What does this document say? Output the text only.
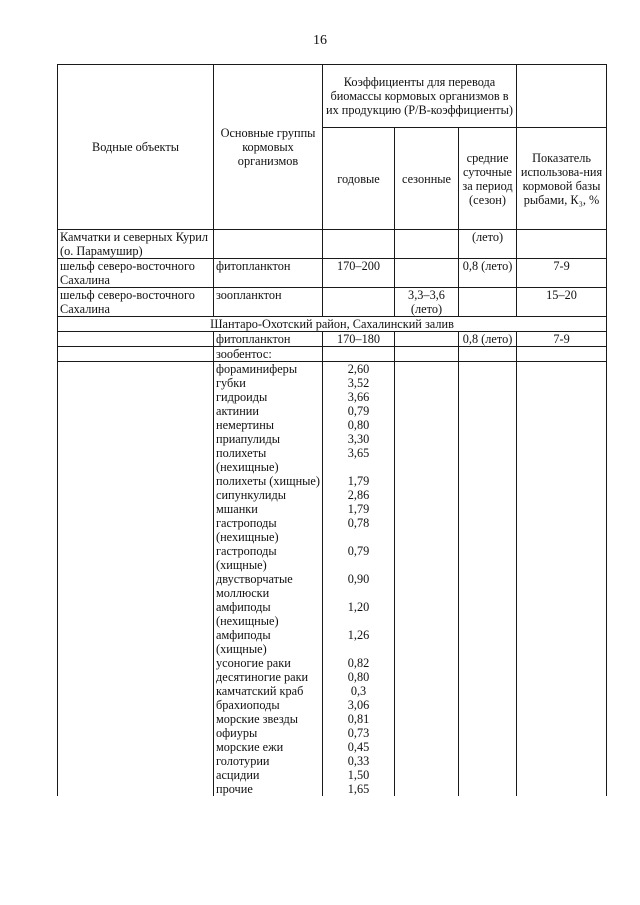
16
Водные объекты	Основные группы кормовых организмов	Коэффициенты для перевода биомассы кормовых организмов в их продукцию (Р/В-коэффициенты)			
		годовые	сезонные	средние суточные за период (сезон)	Показатель использова-ния кормовой базы рыбами, К₃, %
Камчатки и северных Курил (о. Парамушир)				(лето)	
шельф северо-восточного Сахалина	фитопланктон	170–200		0,8 (лето)	7-9
шельф северо-восточного Сахалина	зоопланктон		3,3–3,6 (лето)		15–20
Шантаро-Охотский район, Сахалинский залив					
	фитопланктон	170–180		0,8 (лето)	7-9
	зообентос:				
	фораминиферы	2,60			
	губки	3,52			
	гидроиды	3,66			
	актинии	0,79			
	немертины	0,80			
	приапулиды	3,30			
	полихеты (нехищные)	3,65			
	полихеты (хищные)	1,79			
	сипункулиды	2,86			
	мшанки	1,79			
	гастроподы (нехищные)	0,78			
	гастроподы (хищные)	0,79			
	двустворчатые моллюски	0,90			
	амфиподы (нехищные)	1,20			
	амфиподы (хищные)	1,26			
	усоногие раки	0,82			
	десятиногие раки	0,80			
	камчатский краб	0,3			
	брахиоподы	3,06			
	морские звезды	0,81			
	офиуры	0,73			
	морские ежи	0,45			
	голотурии	0,33			
	асцидии	1,50			
	прочие	1,65			
